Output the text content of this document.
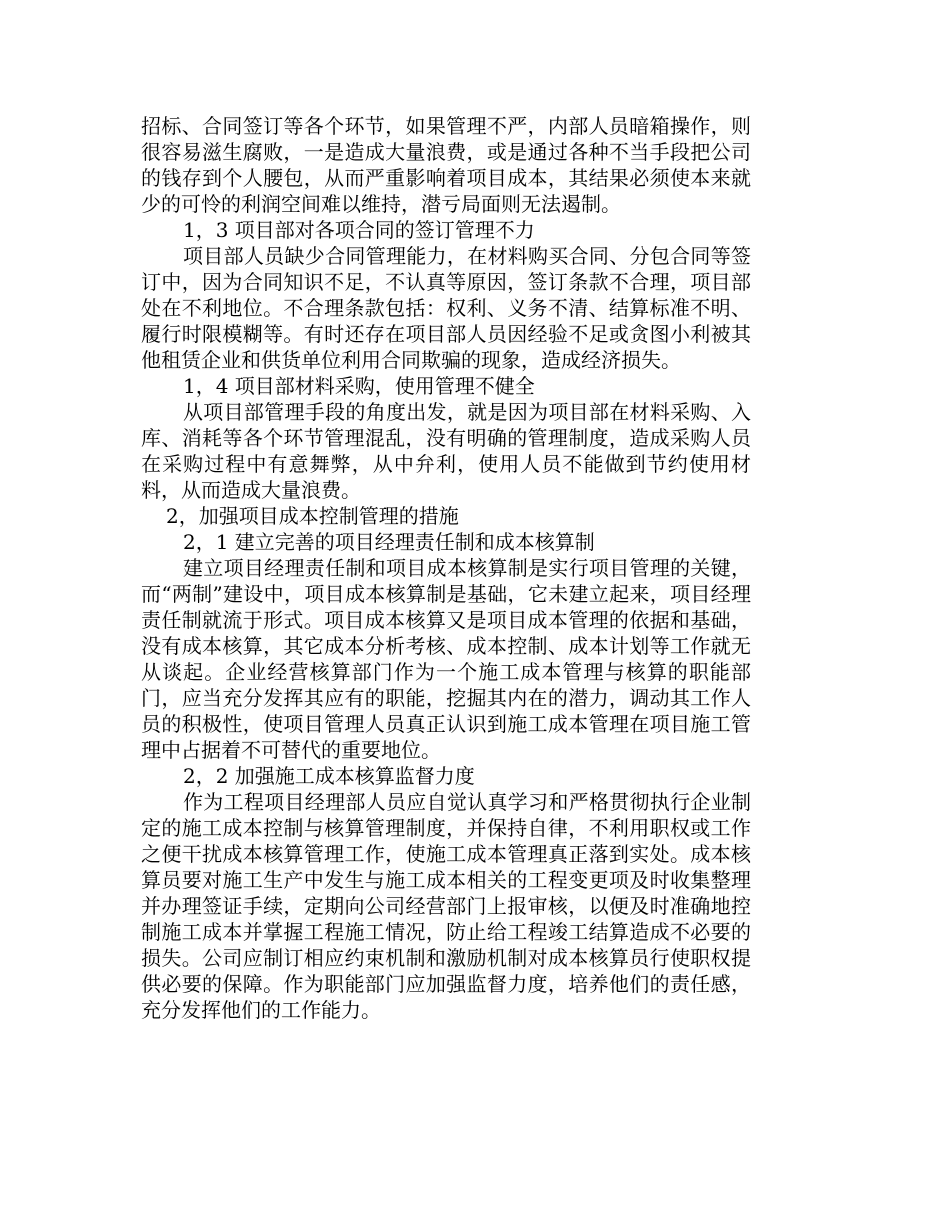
招标、合同签订等各个环节，如果管理不严，内部人员暗箱操作，则很容易滋生腐败，一是造成大量浪费，或是通过各种不当手段把公司的钱存到个人腰包，从而严重影响着项目成本，其结果必须使本来就少的可怜的利润空间难以维持，潜亏局面则无法遏制。

1，3 项目部对各项合同的签订管理不力

项目部人员缺少合同管理能力，在材料购买合同、分包合同等签订中，因为合同知识不足，不认真等原因，签订条款不合理，项目部处在不利地位。不合理条款包括：权利、义务不清、结算标准不明、履行时限模糊等。有时还存在项目部人员因经验不足或贪图小利被其他租赁企业和供货单位利用合同欺骗的现象，造成经济损失。

1，4 项目部材料采购，使用管理不健全

从项目部管理手段的角度出发，就是因为项目部在材料采购、入库、消耗等各个环节管理混乱，没有明确的管理制度，造成采购人员在采购过程中有意舞弊，从中弁利，使用人员不能做到节约使用材料，从而造成大量浪费。

2，加强项目成本控制管理的措施

2，1 建立完善的项目经理责任制和成本核算制

建立项目经理责任制和项目成本核算制是实行项目管理的关键，而“两制”建设中，项目成本核算制是基础，它未建立起来，项目经理责任制就流于形式。项目成本核算又是项目成本管理的依据和基础，没有成本核算，其它成本分析考核、成本控制、成本计划等工作就无从谈起。企业经营核算部门作为一个施工成本管理与核算的职能部门，应当充分发挥其应有的职能，挖掘其内在的潜力，调动其工作人员的积极性，使项目管理人员真正认识到施工成本管理在项目施工管理中占据着不可替代的重要地位。

2，2 加强施工成本核算监督力度

作为工程项目经理部人员应自觉认真学习和严格贯彻执行企业制定的施工成本控制与核算管理制度，并保持自律，不利用职权或工作之便干扰成本核算管理工作，使施工成本管理真正落到实处。成本核算员要对施工生产中发生与施工成本相关的工程变更项及时收集整理并办理签证手续，定期向公司经营部门上报审核，以便及时准确地控制施工成本并掌握工程施工情况，防止给工程竣工结算造成不必要的损失。公司应制订相应约束机制和激励机制对成本核算员行使职权提供必要的保障。作为职能部门应加强监督力度，培养他们的责任感，充分发挥他们的工作能力。
